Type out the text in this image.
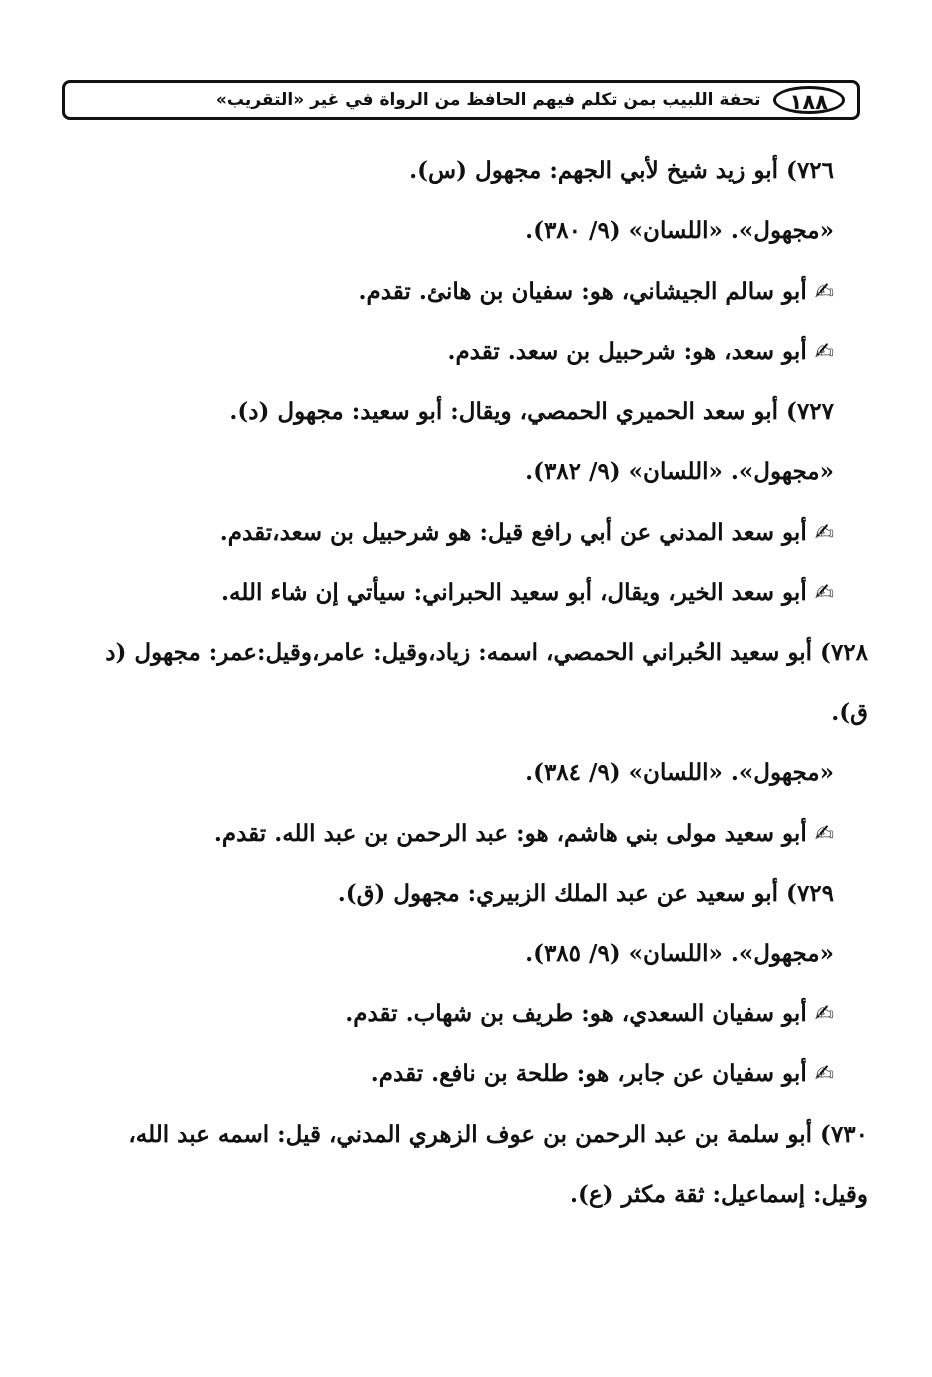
١٨٨
تحفة اللبيب بمن تكلم فيهم الحافظ من الرواة في غير «التقريب»
٧٢٦) أبو زيد شيخ لأبي الجهم: مجهول (س).
«مجهول». «اللسان» (٩/ ٣٨٠).
✍أبو سالم الجيشاني، هو: سفيان بن هانئ. تقدم.
✍أبو سعد، هو: شرحبيل بن سعد. تقدم.
٧٢٧) أبو سعد الحميري الحمصي، ويقال: أبو سعيد: مجهول (د).
«مجهول». «اللسان» (٩/ ٣٨٢).
✍أبو سعد المدني عن أبي رافع قيل: هو شرحبيل بن سعد،تقدم.
✍أبو سعد الخير، ويقال، أبو سعيد الحبراني: سيأتي إن شاء الله.
٧٢٨) أبو سعيد الحُبراني الحمصي، اسمه: زياد،وقيل: عامر،وقيل:عمر: مجهول (د
ق).
«مجهول». «اللسان» (٩/ ٣٨٤).
✍أبو سعيد مولى بني هاشم، هو: عبد الرحمن بن عبد الله. تقدم.
٧٢٩) أبو سعيد عن عبد الملك الزبيري: مجهول (ق).
«مجهول». «اللسان» (٩/ ٣٨٥).
✍أبو سفيان السعدي، هو: طريف بن شهاب. تقدم.
✍أبو سفيان عن جابر، هو: طلحة بن نافع. تقدم.
٧٣٠) أبو سلمة بن عبد الرحمن بن عوف الزهري المدني، قيل: اسمه عبد الله،
وقيل: إسماعيل: ثقة مكثر (ع).
